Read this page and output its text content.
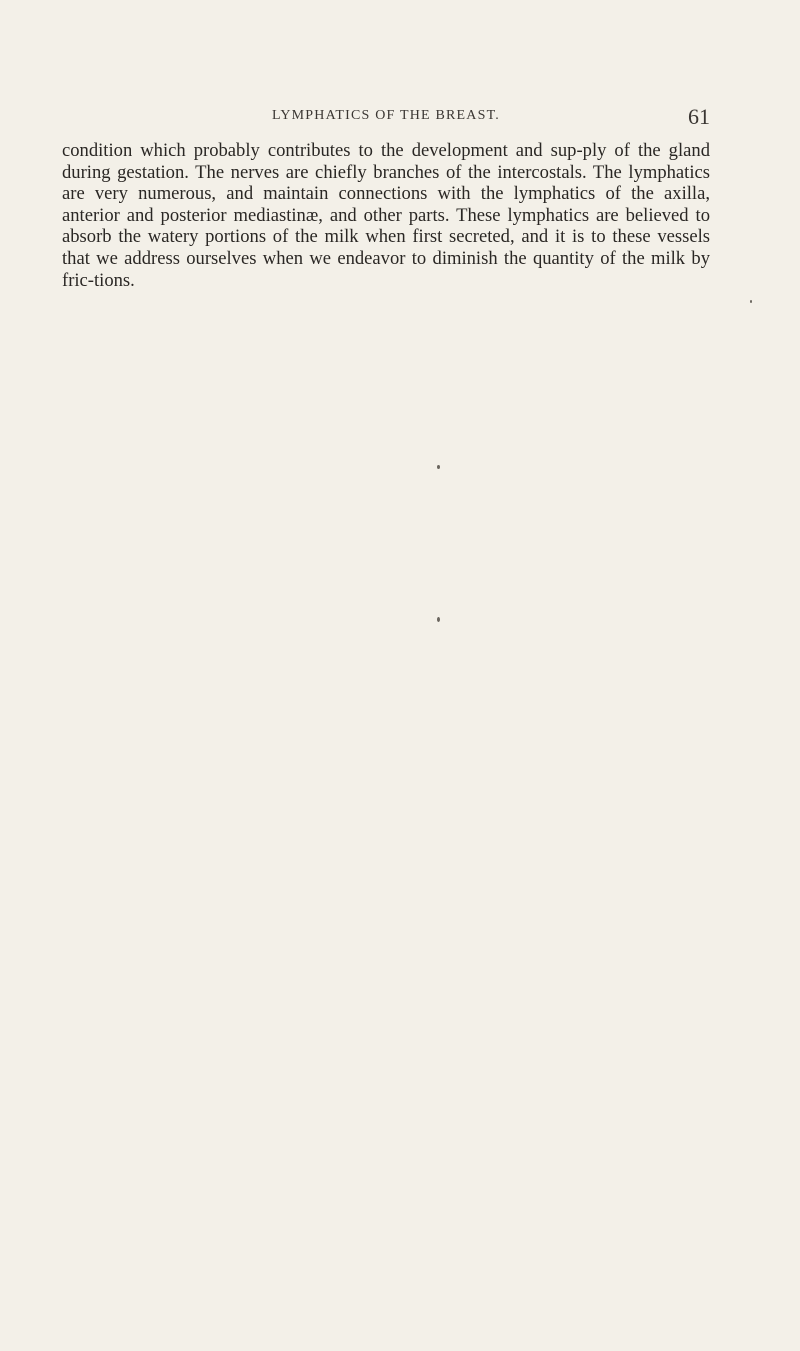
LYMPHATICS OF THE BREAST.	61

condition which probably contributes to the development and sup-ply of the gland during gestation. The nerves are chiefly branches of the intercostals. The lymphatics are very numerous, and maintain connections with the lymphatics of the axilla, anterior and posterior mediastinæ, and other parts. These lymphatics are believed to absorb the watery portions of the milk when first secreted, and it is to these vessels that we address ourselves when we endeavor to diminish the quantity of the milk by fric-tions.
